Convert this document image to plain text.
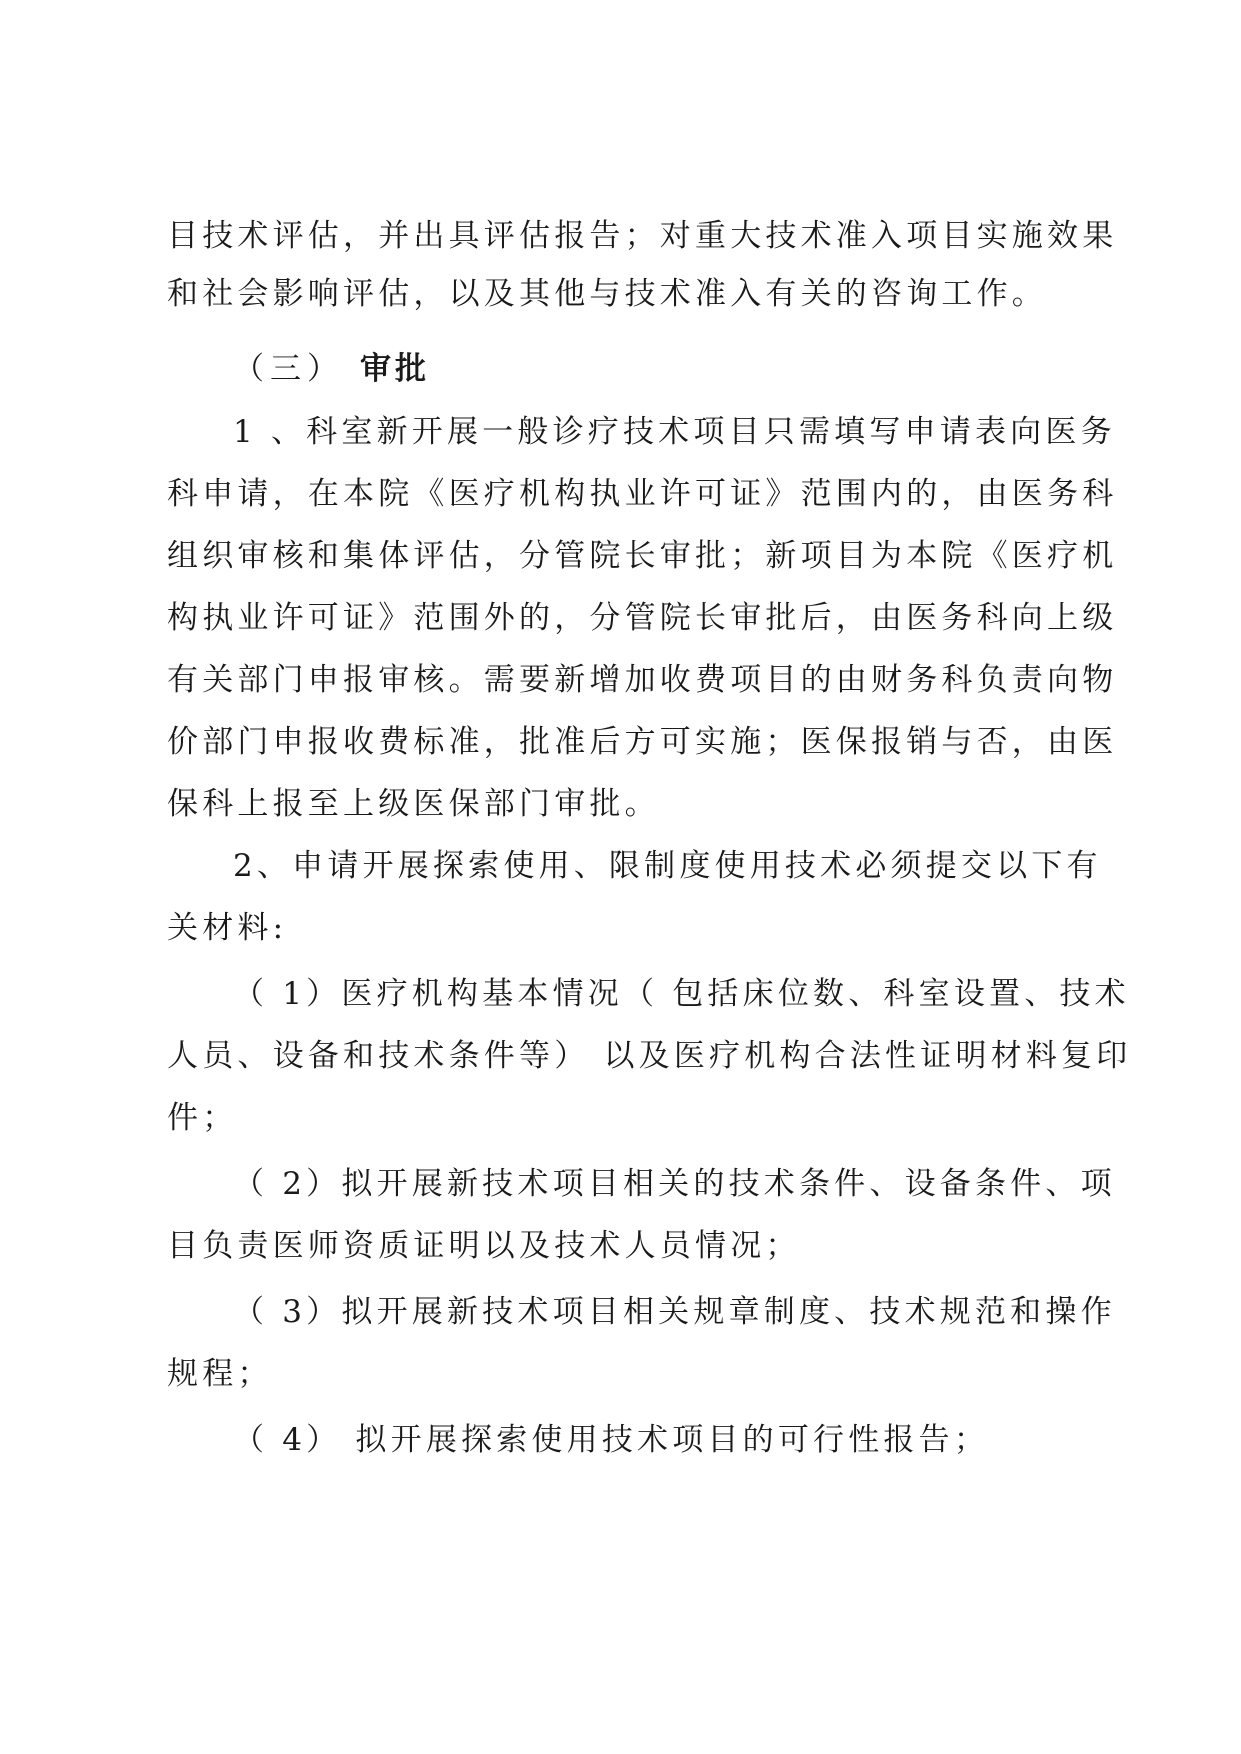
目技术评估，并出具评估报告；对重大技术准入项目实施效果
和社会影响评估，以及其他与技术准入有关的咨询工作。
（三） 审批
1 、科室新开展一般诊疗技术项目只需填写申请表向医务
科申请，在本院《医疗机构执业许可证》范围内的，由医务科
组织审核和集体评估，分管院长审批；新项目为本院《医疗机
构执业许可证》范围外的，分管院长审批后，由医务科向上级
有关部门申报审核。需要新增加收费项目的由财务科负责向物
价部门申报收费标准，批准后方可实施；医保报销与否，由医
保科上报至上级医保部门审批。
2、申请开展探索使用、限制度使用技术必须提交以下有
关材料:
（ 1）医疗机构基本情况（ 包括床位数、科室设置、技术
人员、设备和技术条件等） 以及医疗机构合法性证明材料复印
件；
（ 2）拟开展新技术项目相关的技术条件、设备条件、项
目负责医师资质证明以及技术人员情况；
（ 3）拟开展新技术项目相关规章制度、技术规范和操作
规程；
（ 4） 拟开展探索使用技术项目的可行性报告；
